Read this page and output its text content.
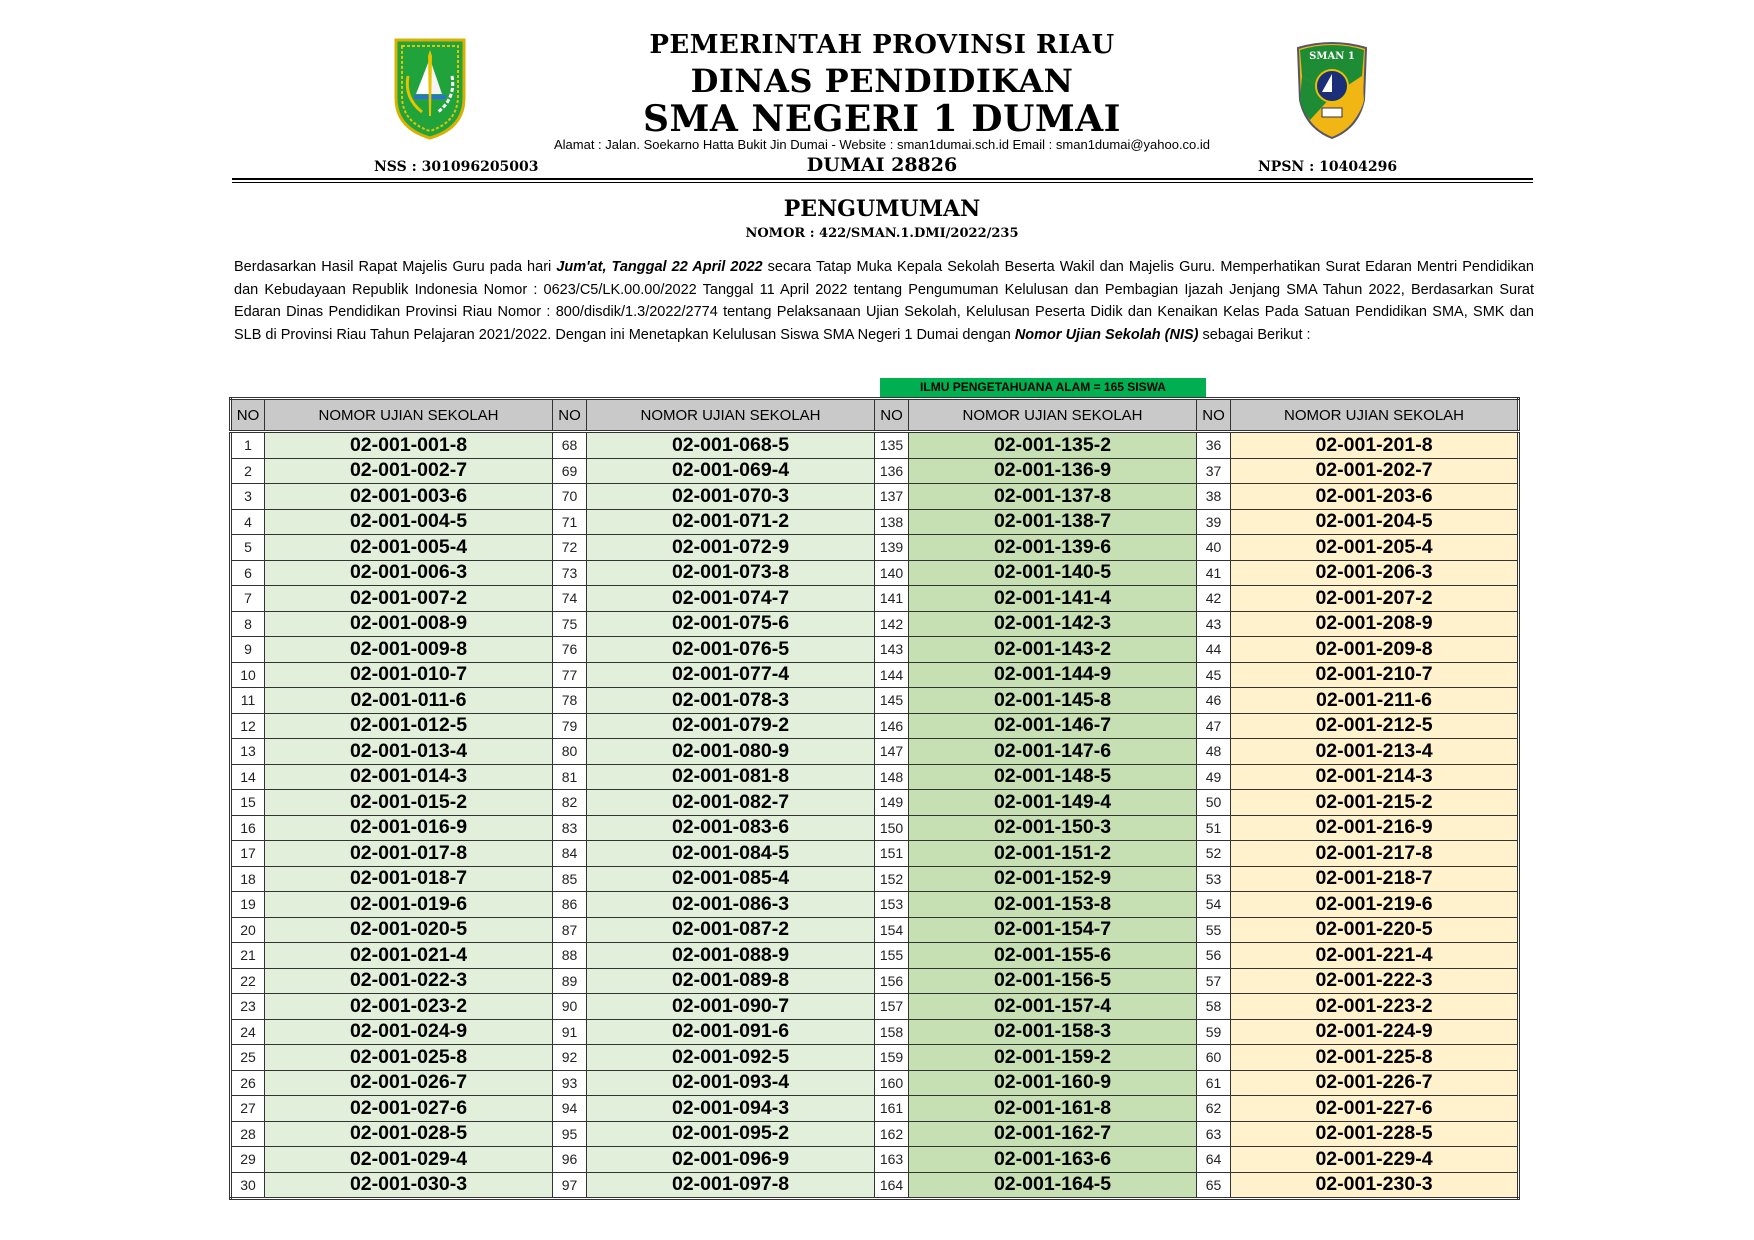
SMAN 1
PEMERINTAH PROVINSI RIAU
DINAS PENDIDIKAN
SMA NEGERI 1 DUMAI
Alamat : Jalan. Soekarno Hatta Bukit Jin Dumai - Website : sman1dumai.sch.id Email : sman1dumai@yahoo.co.id
NSS : 301096205003	DUMAI 28826	NPSN : 10404296
PENGUMUMAN
NOMOR : 422/SMAN.1.DMI/2022/235
Berdasarkan Hasil Rapat Majelis Guru pada hari Jum'at, Tanggal 22 April 2022 secara Tatap Muka Kepala Sekolah Beserta Wakil dan Majelis Guru. Memperhatikan Surat Edaran Mentri Pendidikan dan Kebudayaan Republik Indonesia Nomor : 0623/C5/LK.00.00/2022 Tanggal 11 April 2022 tentang Pengumuman Kelulusan dan Pembagian Ijazah Jenjang SMA Tahun 2022, Berdasarkan Surat Edaran Dinas Pendidikan Provinsi Riau Nomor : 800/disdik/1.3/2022/2774 tentang Pelaksanaan Ujian Sekolah, Kelulusan Peserta Didik dan Kenaikan Kelas Pada Satuan Pendidikan SMA, SMK dan SLB di Provinsi Riau Tahun Pelajaran 2021/2022. Dengan ini Menetapkan Kelulusan Siswa SMA Negeri 1 Dumai dengan Nomor Ujian Sekolah (NIS) sebagai Berikut :
ILMU PENGETAHUANA ALAM = 165 SISWA
NO	NOMOR UJIAN SEKOLAH	NO	NOMOR UJIAN SEKOLAH	NO	NOMOR UJIAN SEKOLAH	NO	NOMOR UJIAN SEKOLAH
1	02-001-001-8	68	02-001-068-5	135	02-001-135-2	36	02-001-201-8
2	02-001-002-7	69	02-001-069-4	136	02-001-136-9	37	02-001-202-7
3	02-001-003-6	70	02-001-070-3	137	02-001-137-8	38	02-001-203-6
4	02-001-004-5	71	02-001-071-2	138	02-001-138-7	39	02-001-204-5
5	02-001-005-4	72	02-001-072-9	139	02-001-139-6	40	02-001-205-4
6	02-001-006-3	73	02-001-073-8	140	02-001-140-5	41	02-001-206-3
7	02-001-007-2	74	02-001-074-7	141	02-001-141-4	42	02-001-207-2
8	02-001-008-9	75	02-001-075-6	142	02-001-142-3	43	02-001-208-9
9	02-001-009-8	76	02-001-076-5	143	02-001-143-2	44	02-001-209-8
10	02-001-010-7	77	02-001-077-4	144	02-001-144-9	45	02-001-210-7
11	02-001-011-6	78	02-001-078-3	145	02-001-145-8	46	02-001-211-6
12	02-001-012-5	79	02-001-079-2	146	02-001-146-7	47	02-001-212-5
13	02-001-013-4	80	02-001-080-9	147	02-001-147-6	48	02-001-213-4
14	02-001-014-3	81	02-001-081-8	148	02-001-148-5	49	02-001-214-3
15	02-001-015-2	82	02-001-082-7	149	02-001-149-4	50	02-001-215-2
16	02-001-016-9	83	02-001-083-6	150	02-001-150-3	51	02-001-216-9
17	02-001-017-8	84	02-001-084-5	151	02-001-151-2	52	02-001-217-8
18	02-001-018-7	85	02-001-085-4	152	02-001-152-9	53	02-001-218-7
19	02-001-019-6	86	02-001-086-3	153	02-001-153-8	54	02-001-219-6
20	02-001-020-5	87	02-001-087-2	154	02-001-154-7	55	02-001-220-5
21	02-001-021-4	88	02-001-088-9	155	02-001-155-6	56	02-001-221-4
22	02-001-022-3	89	02-001-089-8	156	02-001-156-5	57	02-001-222-3
23	02-001-023-2	90	02-001-090-7	157	02-001-157-4	58	02-001-223-2
24	02-001-024-9	91	02-001-091-6	158	02-001-158-3	59	02-001-224-9
25	02-001-025-8	92	02-001-092-5	159	02-001-159-2	60	02-001-225-8
26	02-001-026-7	93	02-001-093-4	160	02-001-160-9	61	02-001-226-7
27	02-001-027-6	94	02-001-094-3	161	02-001-161-8	62	02-001-227-6
28	02-001-028-5	95	02-001-095-2	162	02-001-162-7	63	02-001-228-5
29	02-001-029-4	96	02-001-096-9	163	02-001-163-6	64	02-001-229-4
30	02-001-030-3	97	02-001-097-8	164	02-001-164-5	65	02-001-230-3
